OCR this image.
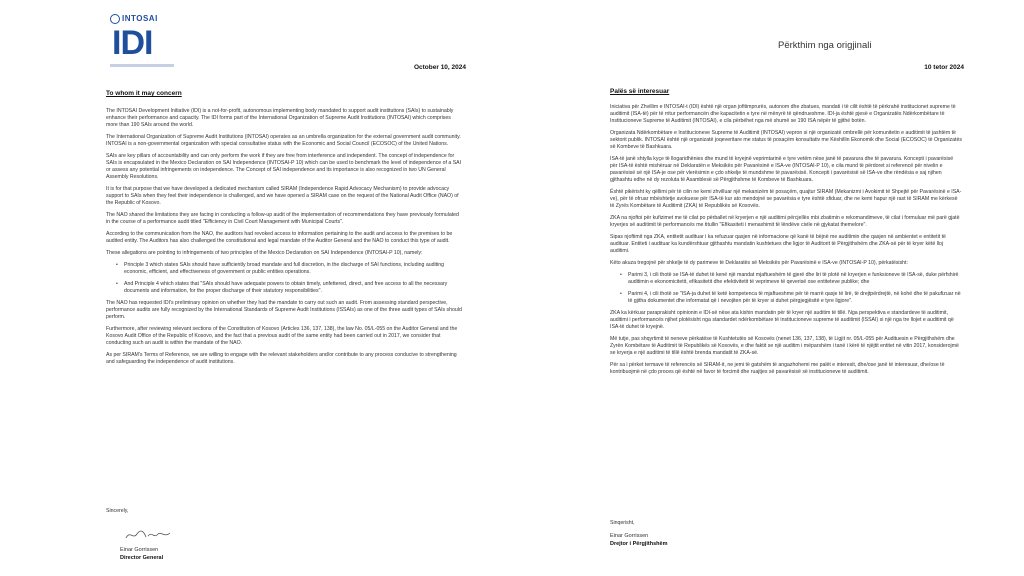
INTOSAI
IDI
October 10, 2024
To whom it may concern

The INTOSAI Development Initiative (IDI) is a not-for-profit, autonomous implementing body mandated to support audit institutions (SAIs) to sustainably enhance their performance and capacity. The IDI forms part of the International Organization of Supreme Audit Institutions (INTOSAI) which comprises more than 190 SAIs around the world.

The International Organization of Supreme Audit Institutions (INTOSAI) operates as an umbrella organization for the external government audit community. INTOSAI is a non-governmental organization with special consultative status with the Economic and Social Council (ECOSOC) of the United Nations.

SAIs are key pillars of accountability and can only perform the work if they are free from interference and independent. The concept of independence for SAIs is encapsulated in the Mexico Declaration on SAI Independence (INTOSAI-P 10) which can be used to benchmark the level of independence of a SAI or assess any potential infringements on independence. The Concept of SAI independence and its importance is also recognized in two UN General Assembly Resolutions.

It is for that purpose that we have developed a dedicated mechanism called SIRAM (Independence Rapid Advocacy Mechanism) to provide advocacy support to SAIs when they feel their independence is challenged, and we have opened a SIRAM case on the request of the National Audit Office (NAO) of the Republic of Kosovo.

The NAO shared the limitations they are facing in conducting a follow-up audit of the implementation of recommendations they have previously formulated in the course of a performance audit titled "Efficiency in Civil Court Management with Municipal Courts".

According to the communication from the NAO, the auditors had revoked access to information pertaining to the audit and access to the premises to be audited entity. The Auditors has also challenged the constitutional and legal mandate of the Auditor General and the NAO to conduct this type of audit.

These allegations are pointing to infringements of two principles of the Mexico Declaration on SAI Independence (INTOSAI-P 10), namely:

• Principle 3 which states SAIs should have sufficiently broad mandate and full discretion, in the discharge of SAI functions, including auditing economic, efficient, and effectiveness of government or public entities operations.

• And Principle 4 which states that "SAIs should have adequate powers to obtain timely, unfettered, direct, and free access to all the necessary documents and information, for the proper discharge of their statutory responsibilities".

The NAO has requested IDI's preliminary opinion on whether they had the mandate to carry out such an audit. From assessing standard perspective, performance audits are fully recognized by the International Standards of Supreme Audit Institutions (ISSAIs) as one of the three audit types of SAIs should perform.

Furthermore, after reviewing relevant sections of the Constitution of Kosovo (Articles 136, 137, 138), the law No. 05/L-055 on the Auditor General and the Kosovo Audit Office of the Republic of Kosovo, and the fact that a previous audit of the same entity had been carried out in 2017, we consider that conducting such an audit is within the mandate of the NAO.

As per SIRAM's Terms of Reference, we are willing to engage with the relevant stakeholders and/or contribute to any process conducive to strengthening and safeguarding the independence of audit institutions.

Sincerely,
Einar Gorrissen
Director General
Përkthim nga origjinali
10 tetor 2024
Palës së interesuar

Iniciativa për Zhvillim e INTOSAI-t (IDI) është një organ jofitimprurës, autonom dhe zbatues, mandati i të cilit është të përkrahë institucionet supreme të auditimit (ISA-të) për të rritur performancën dhe kapacitetin e tyre në mënyrë të qëndrueshme. IDI-ja është pjesë e Organizatës Ndërkombëtare të Institucioneve Supreme të Auditimit (INTOSAI), e cila përbëhet nga më shumë se 190 ISA nëpër të gjithë botën.

Organizata Ndërkombëtare e Institucioneve Supreme të Auditimit (INTOSAI) vepron si një organizatë ombrellë për komunitetin e auditimit të jashtëm të sektorit publik. INTOSAI është një organizatë joqeveritare me status të posaçëm konsultativ me Këshillin Ekonomik dhe Social (ECOSOC) të Organizatës së Kombeve të Bashkuara.

ISA-të janë shtylla kyçe të llogaridhënies dhe mund të kryejnë veprimtarinë e tyre vetëm nëse janë të pavarura dhe të pavarura. Koncepti i pavarësisë për ISA-të është mishëruar në Deklaratën e Meksikës për Pavarësinë e ISA-ve (INTOSAI-P 10), e cila mund të përdoret si referencë për nivelin e pavarësisë së një ISA-je ose për vlerësimin e çdo shkelje të mundshme të pavarësisë. Koncepti i pavarësisë së ISA-ve dhe rëndësia e saj njihen gjithashtu edhe në dy rezoluta të Asamblesë së Përgjithshme të Kombeve të Bashkuara.

Është pikërisht ky qëllimi për të cilin ne kemi zhvilluar një mekanizëm të posaçëm, quajtur SIRAM (Mekanizmi i Avokimit të Shpejtë për Pavarësinë e ISA-ve), për të ofruar mbështetje avokuese për ISA-të kur ato mendojnë se pavarësia e tyre është sfiduar, dhe ne kemi hapur një rast të SIRAM me kërkesë të Zyrës Kombëtare të Auditimit (ZKA) të Republikës së Kosovës.

ZKA na njoftoi për kufizimet me të cilat po përballet në kryerjen e një auditimi përcjellës mbi zbatimin e rekomandimeve, të cilat i formuluar më parë gjatë kryerjes së auditimit të performancës me titullin "Efikasiteti i menaxhimit të lëndëve civile në gjykatat themelore".

Sipas njoftimit nga ZKA, entitetit audituar i ka refuzuar qasjen në informacione që kanë të bëjnë me auditimin dhe qasjen në ambientet e entitetit të audituar. Entiteti i audituar ka kundërshtuar gjithashtu mandatin kushtetues dhe ligjor të Auditorit të Përgjithshëm dhe ZKA-së për të kryer këtë lloj auditimi.

Këto akuza tregojnë për shkelje të dy parimeve të Deklaratës së Meksikës për Pavarësinë e ISA-ve (INTOSAI-P 10), përkatësisht:

• Parimi 3, i cili thotë se ISA-të duhet të kenë një mandat mjaftueshëm të gjerë dhe liri të plotë në kryerjen e funksioneve të ISA-së, duke përfshirë auditimin e ekonomicitetit, efikasitetit dhe efektivitetit të veprimeve të qeverisë ose entiteteve publike; dhe

• Parimi 4, i cili thotë se "ISA-ja duhet të ketë kompetenca të mjaftueshme për të marrë qasje të lirë, të drejtpërdrejtë, në kohë dhe të pakufizuar në të gjitha dokumentet dhe informatat që i nevojiten për të kryer si duhet përgjegjësitë e tyre ligjore".

ZKA ka kërkuar paraprakisht opinionin e IDI-së nëse ata kishin mandatin për të kryer një auditim të tillë. Nga perspektiva e standardeve të auditimit, auditimi i performancës njihet plotësisht nga standardet ndërkombëtare të institucioneve supreme të auditimit (ISSAI) si një nga tre llojet e auditimit që ISA-të duhet të kryejnë.

Më tutje, pas shqyrtimit të neneve përkatëse të Kushtetutës së Kosovës (nenet 136, 137, 138), të Ligjit nr. 05/L-055 për Audituesin e Përgjithshëm dhe Zyrën Kombëtare të Auditimit të Republikës së Kosovës, e dhe faktit se një auditim i mëparshëm i tanë i kërë të njëjtit entitet në vitin 2017, konsiderojmë se kryerja e një auditimi të tillë është brenda mandatit të ZKA-së.

Për sa i përket termave të referencës së SIRAM-it, ne jemi të gatshëm të angazhohemi me palët e interesit, dhe/ose janë të interesuar, dhe/ose të kontribuojmë në çdo proces që është në favor të forcimit dhe ruajtjes së pavarësisë së institucioneve të auditimit.

Sinqerisht,
Einar Gorrissen
Drejtor i Përgjithshëm
